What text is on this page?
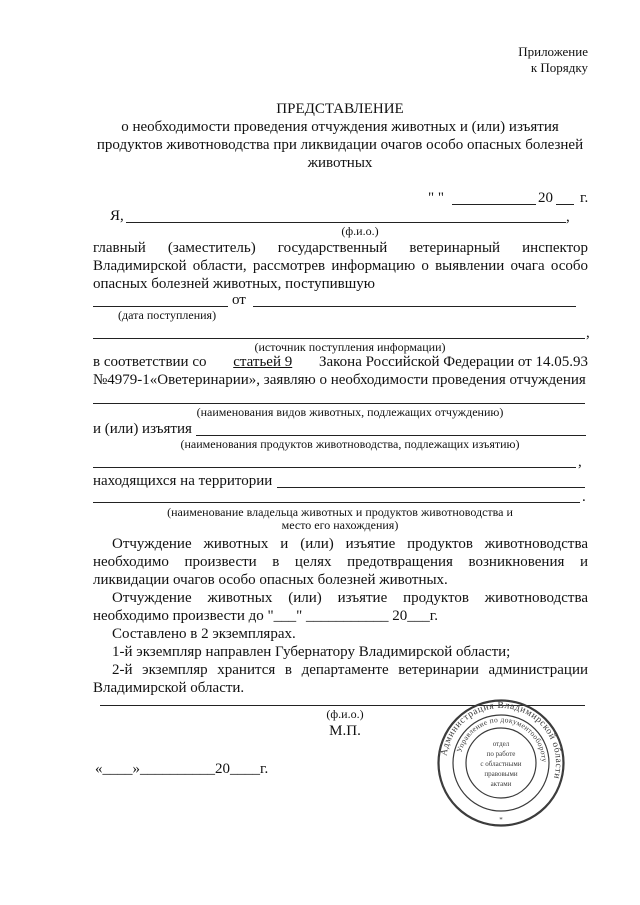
Приложение
к Порядку
ПРЕДСТАВЛЕНИЕ
о необходимости проведения отчуждения животных и (или) изъятия
продуктов животноводства при ликвидации очагов особо опасных болезней
животных
" "	20 г.
Я,	,
(ф.и.о.)
главный (заместитель) государственный ветеринарный инспектор
Владимирской области, рассмотрев информацию о выявлении очага особо
опасных болезней животных, поступившую
от
(дата поступления)
,
(источник поступления информации)
в соответствии со статьей 9 Закона Российской Федерации от 14.05.93
№4979-1«Оветеринарии», заявляю о необходимости проведения отчуждения
(наименования видов животных, подлежащих отчуждению)
и (или) изъятия
(наименования продуктов животноводства, подлежащих изъятию)
,
находящихся на территории
.
(наименование владельца животных и продуктов животноводства и
место его нахождения)
Отчуждение животных и (или) изъятие продуктов животноводства
необходимо произвести в целях предотвращения возникновения и
ликвидации очагов особо опасных болезней животных.
Отчуждение животных (или) изъятие продуктов животноводства
необходимо произвести до "___" ___________ 20___г.
Составлено в 2 экземплярах.
1-й экземпляр направлен Губернатору Владимирской области;
2-й экземпляр хранится в департаменте ветеринарии администрации
Владимирской области.
(ф.и.о.)
М.П.
«____»__________20____г.
Администрация Владимирской области
Управление по документообороту
отдел
по работе
с областными
правовыми
актами
*
